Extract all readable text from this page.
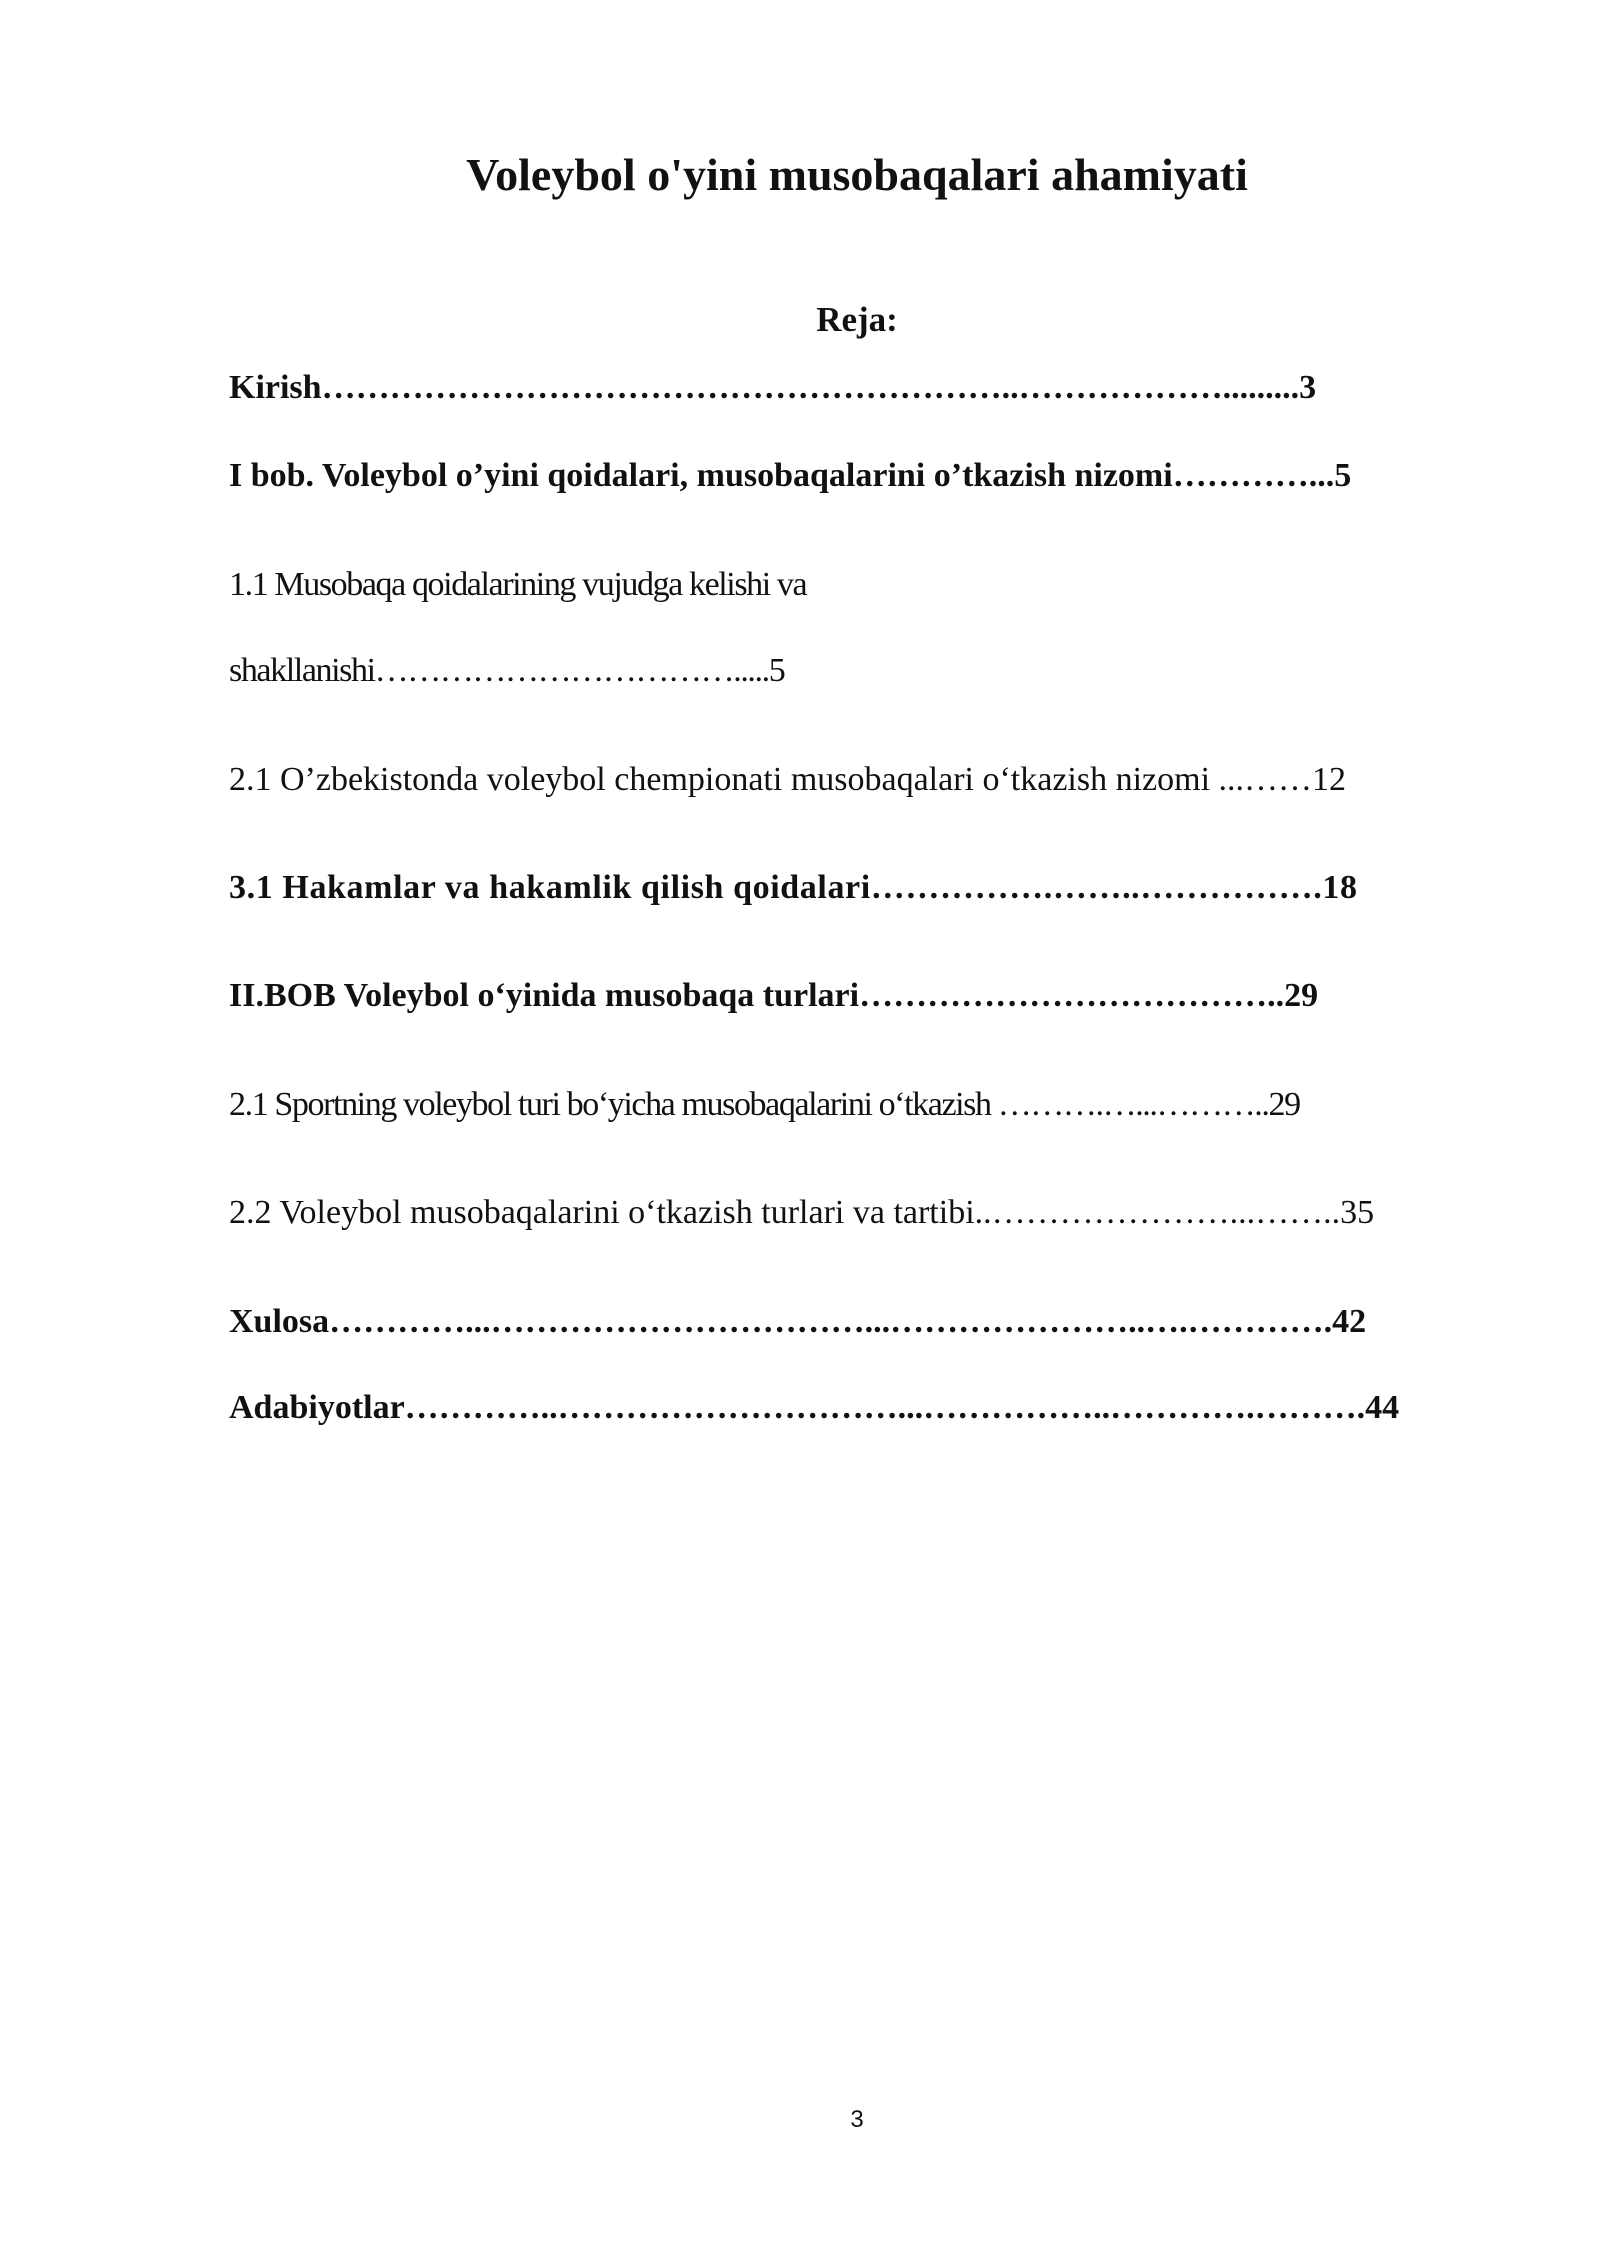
Voleybol o'yini musobaqalari ahamiyati
Reja:

Kirish……………………………………………………..……………….........3

I bob. Voleybol o’yini qoidalari, musobaqalarini o’tkazish nizomi…………...5

1.1 Musobaqa qoidalarining vujudga kelishi va

shakllanishi…………………………….....5

2.1 O’zbekistonda voleybol chempionati musobaqalari o‘tkazish nizomi ...……12

3.1 Hakamlar va hakamlik qilish qoidalari…………….……..…………….18

II.BOB Voleybol o‘yinida musobaqa turlari………………………………..29

2.1 Sportning voleybol turi bo‘yicha musobaqalarini o‘tkazish ……….…...………..29

2.2 Voleybol musobaqalarini o‘tkazish turlari va tartibi..…………………...……..35

Xulosa…………...……………………………...…………………..….………….42

Adabiyotlar…………..…………………………...……………..………….……….44

3
